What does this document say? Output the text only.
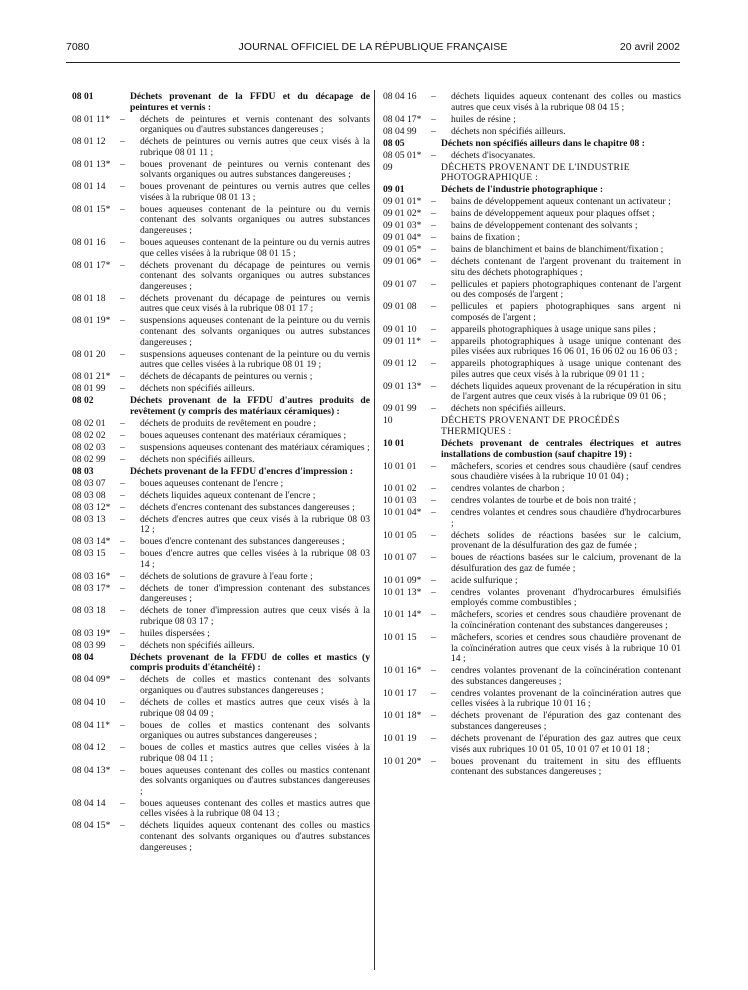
7080	JOURNAL OFFICIEL DE LA RÉPUBLIQUE FRANÇAISE	20 avril 2002
08 01	Déchets provenant de la FFDU et du décapage de peintures et vernis :
08 01 11*	– déchets de peintures et vernis contenant des solvants organiques ou d'autres substances dangereuses ;
08 01 12	– déchets de peintures ou vernis autres que ceux visés à la rubrique 08 01 11 ;
08 01 13*	– boues provenant de peintures ou vernis contenant des solvants organiques ou autres substances dangereuses ;
08 01 14	– boues provenant de peintures ou vernis autres que celles visées à la rubrique 08 01 13 ;
08 01 15*	– boues aqueuses contenant de la peinture ou du vernis contenant des solvants organiques ou autres substances dangereuses ;
08 01 16	– boues aqueuses contenant de la peinture ou du vernis autres que celles visées à la rubrique 08 01 15 ;
08 01 17*	– déchets provenant du décapage de peintures ou vernis contenant des solvants organiques ou autres substances dangereuses ;
08 01 18	– déchets provenant du décapage de peintures ou vernis autres que ceux visés à la rubrique 08 01 17 ;
08 01 19*	– suspensions aqueuses contenant de la peinture ou du vernis contenant des solvants organiques ou autres substances dangereuses ;
08 01 20	– suspensions aqueuses contenant de la peinture ou du vernis autres que celles visées à la rubrique 08 01 19 ;
08 01 21*	– déchets de décapants de peintures ou vernis ;
08 01 99	– déchets non spécifiés ailleurs.
08 02	Déchets provenant de la FFDU d'autres produits de revêtement (y compris des matériaux céramiques) :
08 02 01	– déchets de produits de revêtement en poudre ;
08 02 02	– boues aqueuses contenant des matériaux céramiques ;
08 02 03	– suspensions aqueuses contenant des matériaux céramiques ;
08 02 99	– déchets non spécifiés ailleurs.
08 03	Déchets provenant de la FFDU d'encres d'impression :
08 03 07	– boues aqueuses contenant de l'encre ;
08 03 08	– déchets liquides aqueux contenant de l'encre ;
08 03 12*	– déchets d'encres contenant des substances dangereuses ;
08 03 13	– déchets d'encres autres que ceux visés à la rubrique 08 03 12 ;
08 03 14*	– boues d'encre contenant des substances dangereuses ;
08 03 15	– boues d'encre autres que celles visées à la rubrique 08 03 14 ;
08 03 16*	– déchets de solutions de gravure à l'eau forte ;
08 03 17*	– déchets de toner d'impression contenant des substances dangereuses ;
08 03 18	– déchets de toner d'impression autres que ceux visés à la rubrique 08 03 17 ;
08 03 19*	– huiles dispersées ;
08 03 99	– déchets non spécifiés ailleurs.
08 04	Déchets provenant de la FFDU de colles et mastics (y compris produits d'étanchéité) :
08 04 09*	– déchets de colles et mastics contenant des solvants organiques ou d'autres substances dangereuses ;
08 04 10	– déchets de colles et mastics autres que ceux visés à la rubrique 08 04 09 ;
08 04 11*	– boues de colles et mastics contenant des solvants organiques ou autres substances dangereuses ;
08 04 12	– boues de colles et mastics autres que celles visées à la rubrique 08 04 11 ;
08 04 13*	– boues aqueuses contenant des colles ou mastics contenant des solvants organiques ou d'autres substances dangereuses ;
08 04 14	– boues aqueuses contenant des colles et mastics autres que celles visées à la rubrique 08 04 13 ;
08 04 15*	– déchets liquides aqueux contenant des colles ou mastics contenant des solvants organiques ou d'autres substances dangereuses ;
08 04 16	– déchets liquides aqueux contenant des colles ou mastics autres que ceux visés à la rubrique 08 04 15 ;
08 04 17*	– huiles de résine ;
08 04 99	– déchets non spécifiés ailleurs.
08 05	Déchets non spécifiés ailleurs dans le chapitre 08 :
08 05 01*	– déchets d'isocyanates.
09	DÉCHETS PROVENANT DE L'INDUSTRIE PHOTOGRAPHIQUE :
09 01	Déchets de l'industrie photographique :
09 01 01*	– bains de développement aqueux contenant un activateur ;
09 01 02*	– bains de développement aqueux pour plaques offset ;
09 01 03*	– bains de développement contenant des solvants ;
09 01 04*	– bains de fixation ;
09 01 05*	– bains de blanchiment et bains de blanchiment/fixation ;
09 01 06*	– déchets contenant de l'argent provenant du traitement in situ des déchets photographiques ;
09 01 07	– pellicules et papiers photographiques contenant de l'argent ou des composés de l'argent ;
09 01 08	– pellicules et papiers photographiques sans argent ni composés de l'argent ;
09 01 10	– appareils photographiques à usage unique sans piles ;
09 01 11*	– appareils photographiques à usage unique contenant des piles visées aux rubriques 16 06 01, 16 06 02 ou 16 06 03 ;
09 01 12	– appareils photographiques à usage unique contenant des piles autres que ceux visés à la rubrique 09 01 11 ;
09 01 13*	– déchets liquides aqueux provenant de la récupération in situ de l'argent autres que ceux visés à la rubrique 09 01 06 ;
09 01 99	– déchets non spécifiés ailleurs.
10	DÉCHETS PROVENANT DE PROCÉDÉS THERMIQUES :
10 01	Déchets provenant de centrales électriques et autres installations de combustion (sauf chapitre 19) :
10 01 01	– mâchefers, scories et cendres sous chaudière (sauf cendres sous chaudière visées à la rubrique 10 01 04) ;
10 01 02	– cendres volantes de charbon ;
10 01 03	– cendres volantes de tourbe et de bois non traité ;
10 01 04*	– cendres volantes et cendres sous chaudière d'hydrocarbures ;
10 01 05	– déchets solides de réactions basées sur le calcium, provenant de la désulfuration des gaz de fumée ;
10 01 07	– boues de réactions basées sur le calcium, provenant de la désulfuration des gaz de fumée ;
10 01 09*	– acide sulfurique ;
10 01 13*	– cendres volantes provenant d'hydrocarbures émulsifiés employés comme combustibles ;
10 01 14*	– mâchefers, scories et cendres sous chaudière provenant de la coïncinération contenant des substances dangereuses ;
10 01 15	– mâchefers, scories et cendres sous chaudière provenant de la coïncinération autres que ceux visés à la rubrique 10 01 14 ;
10 01 16*	– cendres volantes provenant de la coïncinération contenant des substances dangereuses ;
10 01 17	– cendres volantes provenant de la coïncinération autres que celles visées à la rubrique 10 01 16 ;
10 01 18*	– déchets provenant de l'épuration des gaz contenant des substances dangereuses ;
10 01 19	– déchets provenant de l'épuration des gaz autres que ceux visés aux rubriques 10 01 05, 10 01 07 et 10 01 18 ;
10 01 20*	– boues provenant du traitement in situ des effluents contenant des substances dangereuses ;
